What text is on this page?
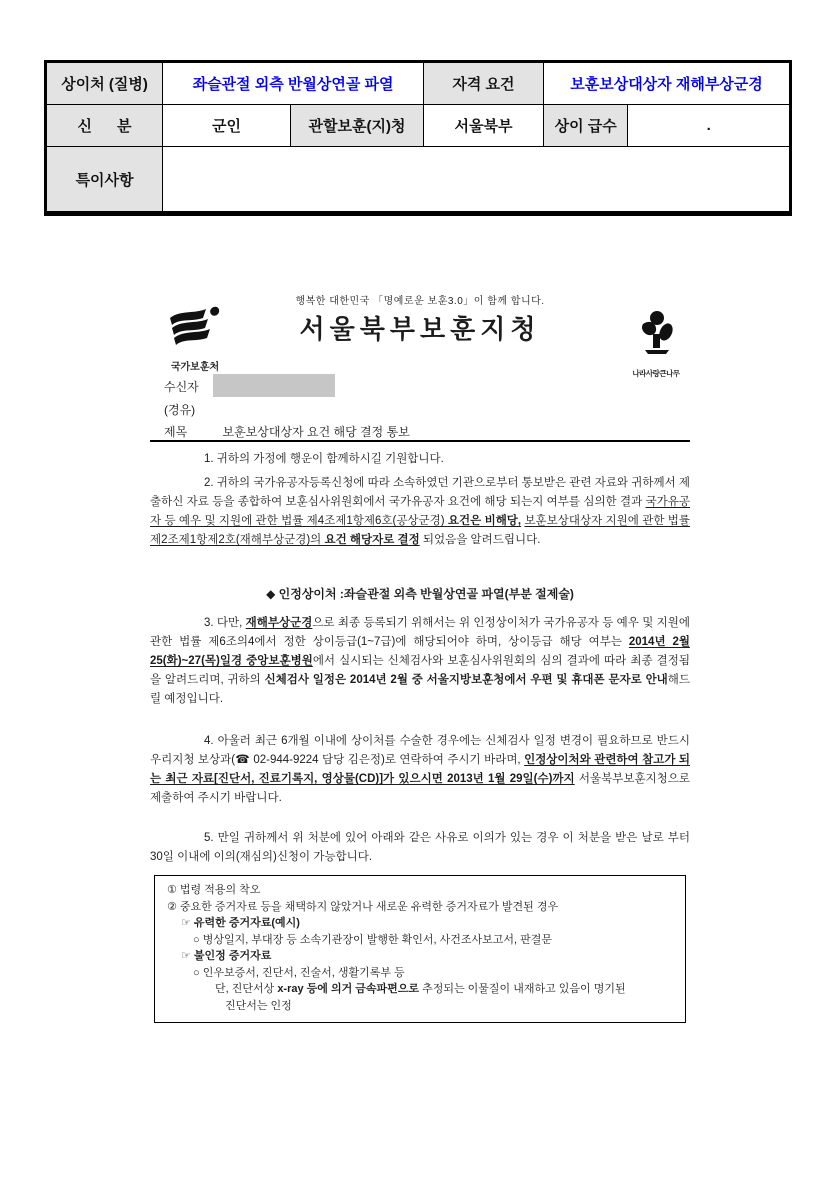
상이처 (질병)	좌슬관절 외측 반월상연골 파열	자격 요건	보훈보상대상자 재해부상군경
신      분	군인	관할보훈(지)청	서울북부	상이 급수	.
특이사항
행복한 대한민국 「명예로운 보훈3.0」이 함께 합니다.
국가보훈처
서울북부보훈지청
나라사랑큰나무
수신자
(경유)
제목	보훈보상대상자 요건 해당 결정 통보
1. 귀하의 가정에 행운이 함께하시길 기원합니다.
2. 귀하의 국가유공자등록신청에 따라 소속하였던 기관으로부터 통보받은 관련 자료와 귀하께서 제출하신 자료 등을 종합하여 보훈심사위원회에서 국가유공자 요건에 해당 되는지 여부를 심의한 결과 국가유공자 등 예우 및 지원에 관한 법률 제4조제1항제6호(공상군경) 요건은 비해당, 보훈보상대상자 지원에 관한 법률 제2조제1항제2호(재해부상군경)의 요건 해당자로 결정 되었음을 알려드립니다.
◆ 인정상이처 :좌슬관절 외측 반월상연골 파열(부분 절제술)
3. 다만, 재해부상군경으로 최종 등록되기 위해서는 위 인정상이처가 국가유공자 등 예우 및 지원에 관한 법률 제6조의4에서 정한 상이등급(1~7급)에 해당되어야 하며, 상이등급 해당 여부는 2014년 2월25(화)~27(목)일경 중앙보훈병원에서 실시되는 신체검사와 보훈심사위원회의 심의 결과에 따라 최종 결정됨을 알려드리며, 귀하의 신체검사 일정은 2014년 2월 중 서울지방보훈청에서 우편 및 휴대폰 문자로 안내해드릴 예정입니다.
4. 아울러 최근 6개월 이내에 상이처를 수술한 경우에는 신체검사 일정 변경이 필요하므로 반드시 우리지청 보상과(☎ 02-944-9224 담당 김은정)로 연락하여 주시기 바라며, 인정상이처와 관련하여 참고가 되는 최근 자료[진단서, 진료기록지, 영상물(CD)]가 있으시면 2013년 1월 29일(수)까지 서울북부보훈지청으로 제출하여 주시기 바랍니다.
5. 만일 귀하께서 위 처분에 있어 아래와 같은 사유로 이의가 있는 경우 이 처분을 받은 날로 부터 30일 이내에 이의(재심의)신청이 가능합니다.
① 법령 적용의 착오
② 중요한 증거자료 등을 채택하지 않았거나 새로운 유력한 증거자료가 발견된 경우
☞ 유력한 증거자료(예시)
○ 병상일지, 부대장 등 소속기관장이 발행한 확인서, 사건조사보고서, 판결문
☞ 불인정 증거자료
○ 인우보증서, 진단서, 진술서, 생활기록부 등
단, 진단서상 x-ray 등에 의거 금속파편으로 추정되는 이물질이 내재하고 있음이 명기된
진단서는 인정
